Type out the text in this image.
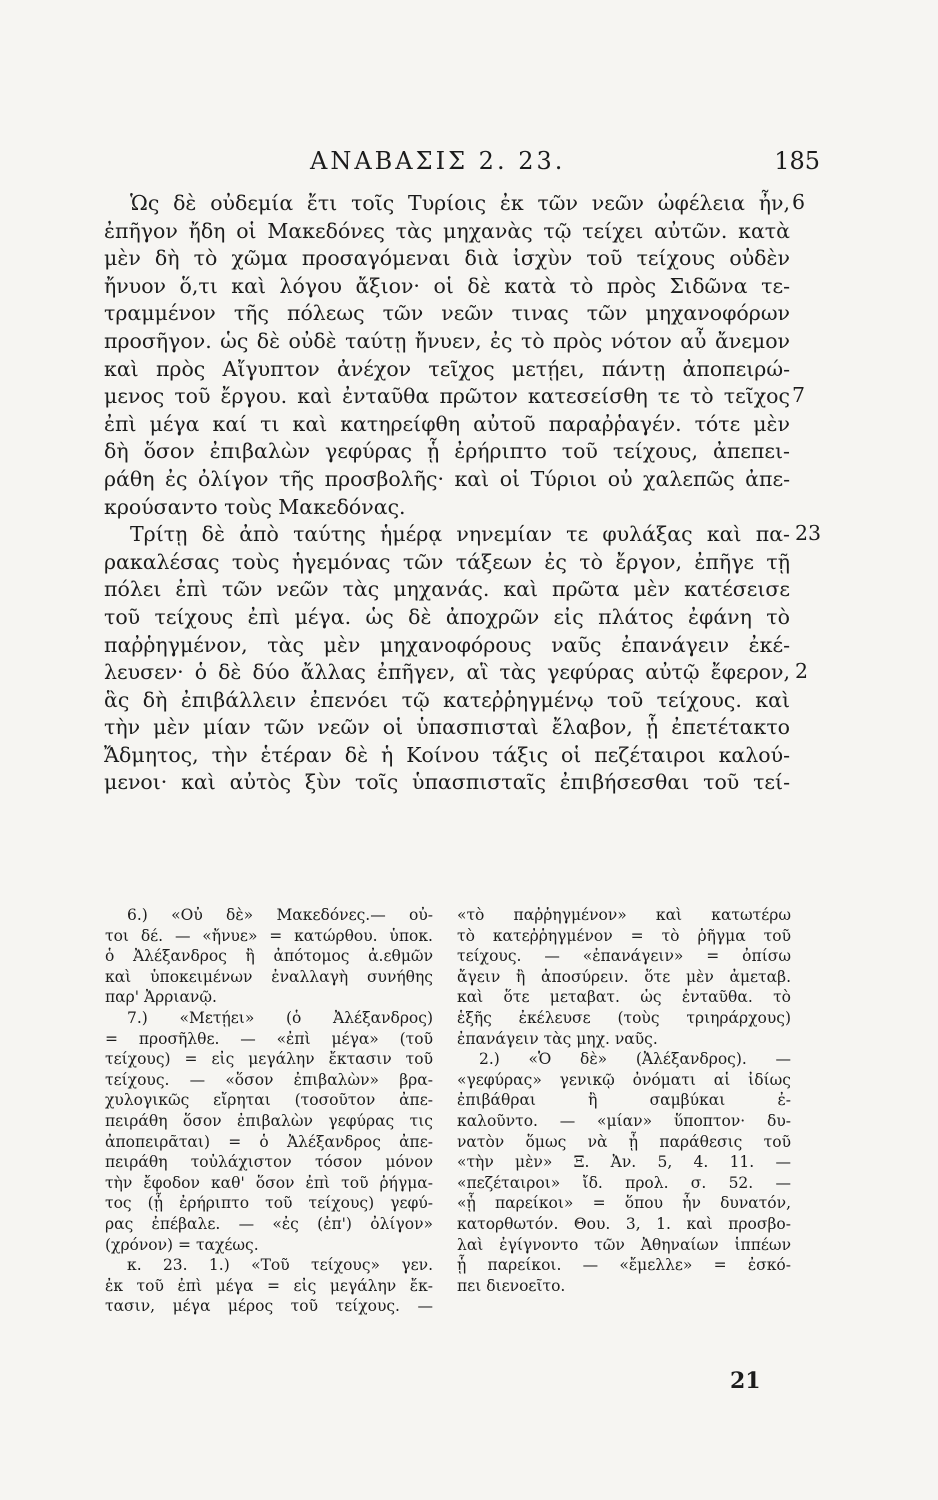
ΑΝΑΒΑΣΙΣ 2. 23.	185
Ὡς δὲ οὐδεμία ἔτι τοῖς Τυρίοις ἐκ τῶν νεῶν ὠφέλεια ἦν,
ἐπῆγον ἤδη οἱ Μακεδόνες τὰς μηχανὰς τῷ τείχει αὐτῶν. κατὰ
μὲν δὴ τὸ χῶμα προσαγόμεναι διὰ ἰσχὺν τοῦ τείχους οὐδὲν
ἤνυον ὅ,τι καὶ λόγου ἄξιον· οἱ δὲ κατὰ τὸ πρὸς Σιδῶνα τε-
τραμμένον τῆς πόλεως τῶν νεῶν τινας τῶν μηχανοφόρων
προσῆγον. ὡς δὲ οὐδὲ ταύτῃ ἤνυεν, ἐς τὸ πρὸς νότον αὖ ἄνεμον
καὶ πρὸς Αἴγυπτον ἀνέχον τεῖχος μετῄει, πάντῃ ἀποπειρώ-
μενος τοῦ ἔργου. καὶ ἐνταῦθα πρῶτον κατεσείσθη τε τὸ τεῖχος
ἐπὶ μέγα καί τι καὶ κατηρείφθη αὐτοῦ παραῤῥαγέν. τότε μὲν
δὴ ὅσον ἐπιβαλὼν γεφύρας ᾗ ἐρήριπτο τοῦ τείχους, ἀπεπει-
ράθη ἐς ὀλίγον τῆς προσβολῆς· καὶ οἱ Τύριοι οὐ χαλεπῶς ἀπε-
κρούσαντο τοὺς Μακεδόνας.
Τρίτῃ δὲ ἀπὸ ταύτης ἡμέρᾳ νηνεμίαν τε φυλάξας καὶ πα-
ρακαλέσας τοὺς ἡγεμόνας τῶν τάξεων ἐς τὸ ἔργον, ἐπῆγε τῇ
πόλει ἐπὶ τῶν νεῶν τὰς μηχανάς. καὶ πρῶτα μὲν κατέσεισε
τοῦ τείχους ἐπὶ μέγα. ὡς δὲ ἀποχρῶν εἰς πλάτος ἐφάνη τὸ
παῤῥηγμένον, τὰς μὲν μηχανοφόρους ναῦς ἐπανάγειν ἐκέ-
λευσεν· ὁ δὲ δύο ἄλλας ἐπῆγεν, αἳ τὰς γεφύρας αὐτῷ ἔφερον,
ἃς δὴ ἐπιβάλλειν ἐπενόει τῷ κατεῤῥηγμένῳ τοῦ τείχους. καὶ
τὴν μὲν μίαν τῶν νεῶν οἱ ὑπασπισταὶ ἔλαβον, ᾗ ἐπετέτακτο
Ἄδμητος, τὴν ἑτέραν δὲ ἡ Κοίνου τάξις οἱ πεζέταιροι καλού-
μενοι· καὶ αὐτὸς ξὺν τοῖς ὑπασπισταῖς ἐπιβήσεσθαι τοῦ τεί-
6
7
23
2
6.) «Οὐ δὲ» Μακεδόνες.— οὐ-
τοι δέ. — «ἤνυε» = κατώρθου. ὑποκ.
ὁ Ἀλέξανδρος ἢ ἀπότομος ἀ.εθμῶν
καὶ ὑποκειμένων ἐναλλαγὴ συνήθης
παρ' Ἀρριανῷ.
7.) «Μετῄει» (ὁ Ἀλέξανδρος)
= προσῆλθε. — «ἐπὶ μέγα» (τοῦ
τείχους) = εἰς μεγάλην ἔκτασιν τοῦ
τείχους. — «ὅσον ἐπιβαλὼν» βρα-
χυλογικῶς εἴρηται (τοσοῦτον ἀπε-
πειράθη ὅσον ἐπιβαλὼν γεφύρας τις
ἀποπειρᾶται) = ὁ Ἀλέξανδρος ἀπε-
πειράθη τοὐλάχιστον τόσον μόνον
τὴν ἔφοδον καθ' ὅσον ἐπὶ τοῦ ῥήγμα-
τος (ᾗ ἐρήριπτο τοῦ τείχους) γεφύ-
ρας ἐπέβαλε. — «ἐς (ἐπ') ὀλίγον»
(χρόνον) = ταχέως.
κ. 23. 1.) «Τοῦ τείχους» γεν.
ἐκ τοῦ ἐπὶ μέγα = εἰς μεγάλην ἔκ-
τασιν, μέγα μέρος τοῦ τείχους. —
«τὸ παῤῥηγμένον» καὶ κατωτέρω
τὸ κατεῤῥηγμένον = τὸ ῥῆγμα τοῦ
τείχους. — «ἐπανάγειν» = ὀπίσω
ἄγειν ἢ ἀποσύρειν. ὅτε μὲν ἀμεταβ.
καὶ ὅτε μεταβατ. ὡς ἐνταῦθα. τὸ
ἑξῆς ἐκέλευσε (τοὺς τριηράρχους)
ἐπανάγειν τὰς μηχ. ναῦς.
2.) «Ὁ δὲ» (Ἀλέξανδρος). —
«γεφύρας» γενικῷ ὀνόματι αἱ ἰδίως
ἐπιβάθραι ἢ σαμβύκαι ἐ-
καλοῦντο. — «μίαν» ὕποπτον· δυ-
νατὸν ὅμως νὰ ᾖ παράθεσις τοῦ
«τὴν μὲν» Ξ. Ἀν. 5, 4. 11. —
«πεζέταιροι» ἴδ. προλ. σ. 52. —
«ᾗ παρείκοι» = ὅπου ἦν δυνατόν,
κατορθωτόν. Θου. 3, 1. καὶ προσβο-
λαὶ ἐγίγνοντο τῶν Ἀθηναίων ἱππέων
ᾗ παρείκοι. — «ἔμελλε» = ἐσκό-
πει διενοεῖτο.
21
